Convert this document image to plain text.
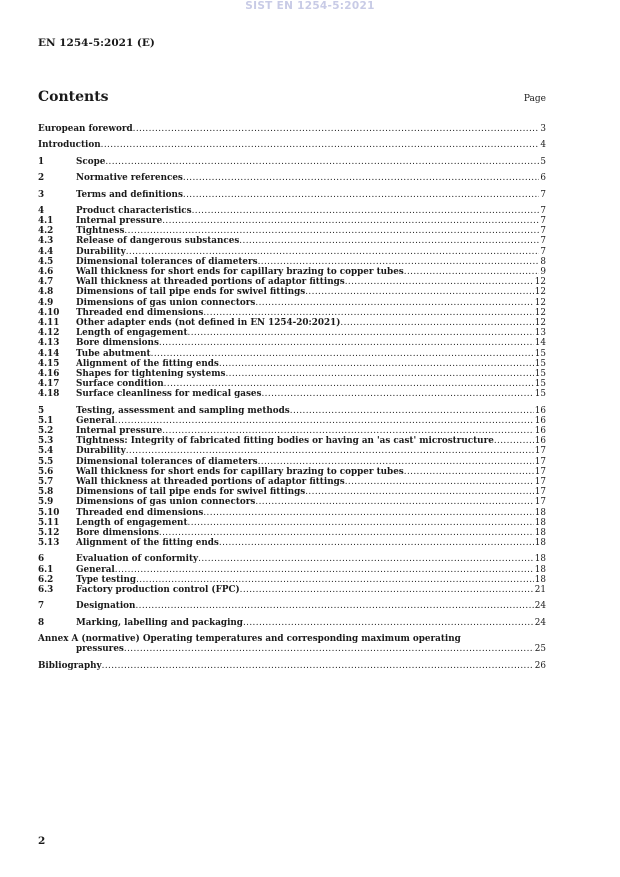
SIST EN 1254-5:2021
EN 1254-5:2021 (E)
Contents	Page
European foreword .....	3
Introduction .....	4
1	Scope .....	5
2	Normative references .....	6
3	Terms and definitions .....	7
4	Product characteristics .....	7
4.1	Internal pressure .....	7
4.2	Tightness .....	7
4.3	Release of dangerous substances .....	7
4.4	Durability .....	7
4.5	Dimensional tolerances of diameters .....	8
4.6	Wall thickness for short ends for capillary brazing to copper tubes .....	9
4.7	Wall thickness at threaded portions of adaptor fittings .....	12
4.8	Dimensions of tail pipe ends for swivel fittings .....	12
4.9	Dimensions of gas union connectors .....	12
4.10	Threaded end dimensions .....	12
4.11	Other adapter ends (not defined in EN 1254-20:2021) .....	12
4.12	Length of engagement .....	13
4.13	Bore dimensions .....	14
4.14	Tube abutment .....	15
4.15	Alignment of the fitting ends .....	15
4.16	Shapes for tightening systems .....	15
4.17	Surface condition .....	15
4.18	Surface cleanliness for medical gases .....	15
5	Testing, assessment and sampling methods .....	16
5.1	General .....	16
5.2	Internal pressure .....	16
5.3	Tightness: Integrity of fabricated fitting bodies or having an 'as cast' microstructure .....	16
5.4	Durability .....	17
5.5	Dimensional tolerances of diameters .....	17
5.6	Wall thickness for short ends for capillary brazing to copper tubes .....	17
5.7	Wall thickness at threaded portions of adaptor fittings .....	17
5.8	Dimensions of tail pipe ends for swivel fittings .....	17
5.9	Dimensions of gas union connectors .....	17
5.10	Threaded end dimensions .....	18
5.11	Length of engagement .....	18
5.12	Bore dimensions .....	18
5.13	Alignment of the fitting ends .....	18
6	Evaluation of conformity .....	18
6.1	General .....	18
6.2	Type testing .....	18
6.3	Factory production control (FPC) .....	21
7	Designation .....	24
8	Marking, labelling and packaging .....	24
Annex A (normative) Operating temperatures and corresponding maximum operating
pressures .....	25
Bibliography .....	26
2
